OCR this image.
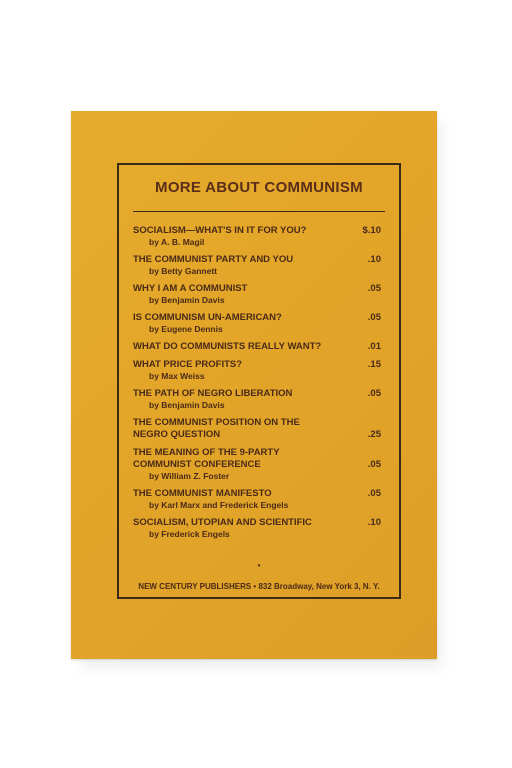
MORE ABOUT COMMUNISM
SOCIALISM—WHAT'S IN IT FOR YOU?
by A. B. Magil
$.10
THE COMMUNIST PARTY AND YOU
by Betty Gannett
.10
WHY I AM A COMMUNIST
by Benjamin Davis
.05
IS COMMUNISM UN-AMERICAN?
by Eugene Dennis
.05
WHAT DO COMMUNISTS REALLY WANT?	.01
WHAT PRICE PROFITS?
by Max Weiss
.15
THE PATH OF NEGRO LIBERATION
by Benjamin Davis
.05
THE COMMUNIST POSITION ON THE NEGRO QUESTION	.25
THE MEANING OF THE 9-PARTY COMMUNIST CONFERENCE
by William Z. Foster
.05
THE COMMUNIST MANIFESTO
by Karl Marx and Frederick Engels
.05
SOCIALISM, UTOPIAN AND SCIENTIFIC
by Frederick Engels
.10
•
NEW CENTURY PUBLISHERS • 832 Broadway, New York 3, N. Y.
